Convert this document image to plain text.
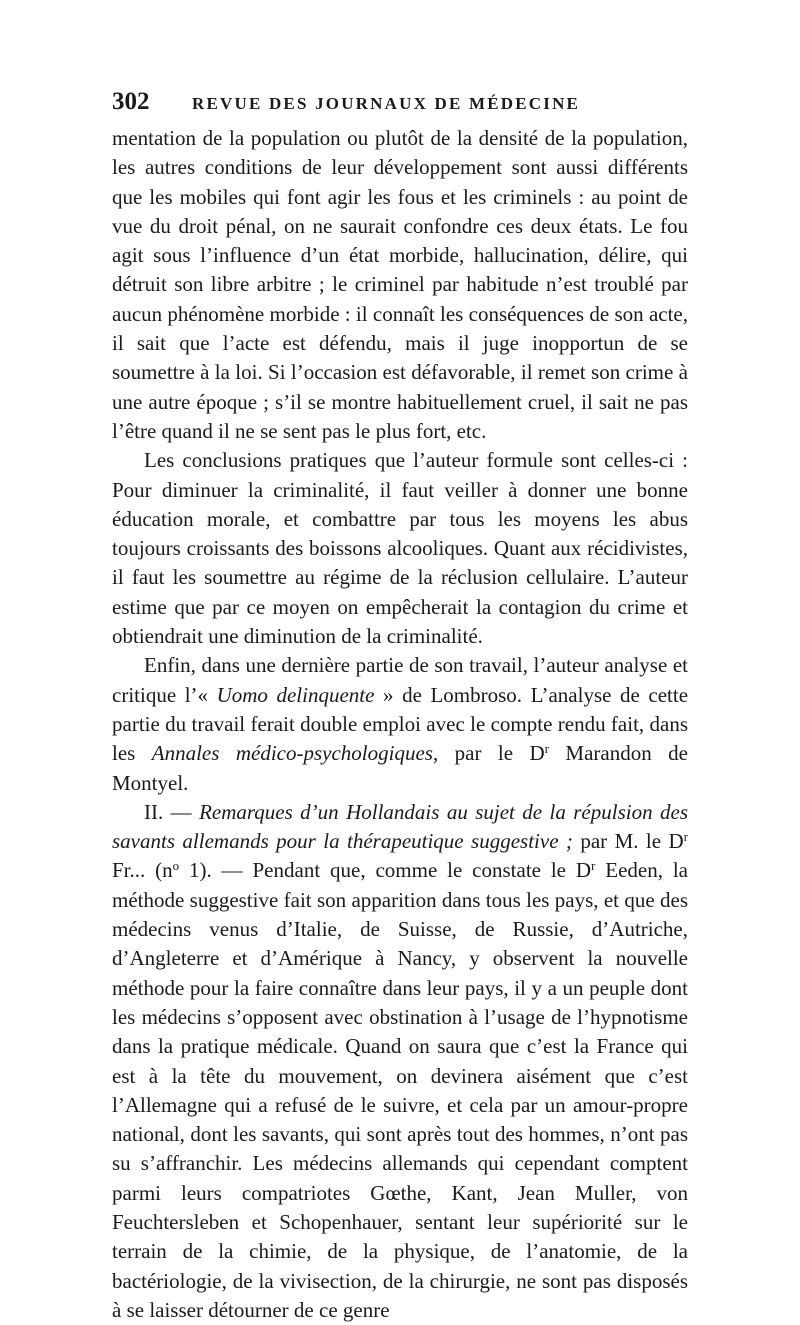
302	REVUE DES JOURNAUX DE MÉDECINE

mentation de la population ou plutôt de la densité de la population, les autres conditions de leur développement sont aussi différents que les mobiles qui font agir les fous et les criminels : au point de vue du droit pénal, on ne saurait confondre ces deux états. Le fou agit sous l’influence d’un état morbide, hallucination, délire, qui détruit son libre arbitre ; le criminel par habitude n’est troublé par aucun phénomène morbide : il connaît les conséquences de son acte, il sait que l’acte est défendu, mais il juge inopportun de se soumettre à la loi. Si l’occasion est défavorable, il remet son crime à une autre époque ; s’il se montre habituellement cruel, il sait ne pas l’être quand il ne se sent pas le plus fort, etc.

Les conclusions pratiques que l’auteur formule sont celles-ci : Pour diminuer la criminalité, il faut veiller à donner une bonne éducation morale, et combattre par tous les moyens les abus toujours croissants des boissons alcooliques. Quant aux récidivistes, il faut les soumettre au régime de la réclusion cellulaire. L’auteur estime que par ce moyen on empêcherait la contagion du crime et obtiendrait une diminution de la criminalité.

Enfin, dans une dernière partie de son travail, l’auteur analyse et critique l’« Uomo delinquente » de Lombroso. L’analyse de cette partie du travail ferait double emploi avec le compte rendu fait, dans les Annales médico-psychologiques, par le $D^r$ Marandon de Montyel.

II. — Remarques d’un Hollandais au sujet de la répulsion des savants allemands pour la thérapeutique suggestive ; par M. le $D^r$ Fr... ($n^o$ 1). — Pendant que, comme le constate le $D^r$ Eeden, la méthode suggestive fait son apparition dans tous les pays, et que des médecins venus d’Italie, de Suisse, de Russie, d’Autriche, d’Angleterre et d’Amérique à Nancy, y observent la nouvelle méthode pour la faire connaître dans leur pays, il y a un peuple dont les médecins s’opposent avec obstination à l’usage de l’hypnotisme dans la pratique médicale. Quand on saura que c’est la France qui est à la tête du mouvement, on devinera aisément que c’est l’Allemagne qui a refusé de le suivre, et cela par un amour-propre national, dont les savants, qui sont après tout des hommes, n’ont pas su s’affranchir. Les médecins allemands qui cependant comptent parmi leurs compatriotes Gœthe, Kant, Jean Muller, von Feuchtersleben et Schopenhauer, sentant leur supériorité sur le terrain de la chimie, de la physique, de l’anatomie, de la bactériologie, de la vivisection, de la chirurgie, ne sont pas disposés à se laisser détourner de ce genre
